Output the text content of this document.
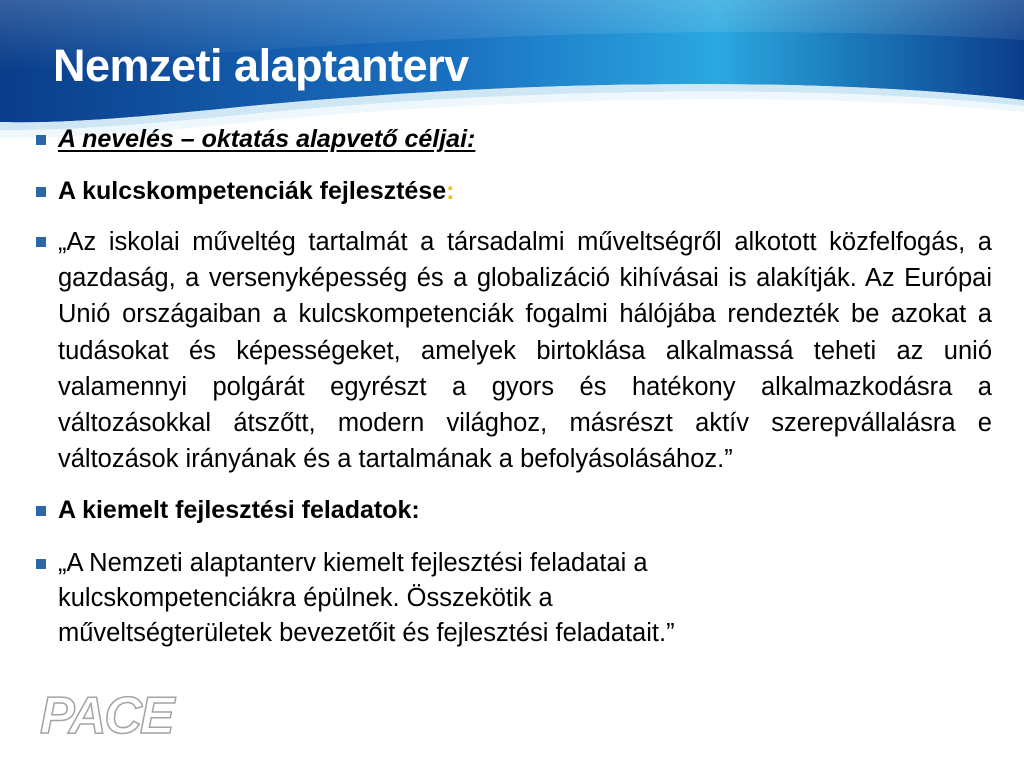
Nemzeti alaptanterv
A nevelés – oktatás alapvető céljai:
A kulcskompetenciák fejlesztése:
„Az iskolai műveltég tartalmát a társadalmi műveltségről alkotott közfelfogás, a gazdaság, a versenyképesség és a globalizáció kihívásai is alakítják. Az Európai Unió országaiban a kulcskompetenciák fogalmi hálójába rendezték be azokat a tudásokat és képességeket, amelyek birtoklása alkalmassá teheti az unió valamennyi polgárát egyrészt a gyors és hatékony alkalmazkodásra a változásokkal átszőtt, modern világhoz, másrészt aktív szerepvállalásra e változások irányának és a tartalmának a befolyásolásához.”
A kiemelt fejlesztési feladatok:
„A Nemzeti alaptanterv kiemelt fejlesztési feladatai a
kulcskompetenciákra épülnek. Összekötik a
műveltségterületek bevezetőit és fejlesztési feladatait.”
PACE
